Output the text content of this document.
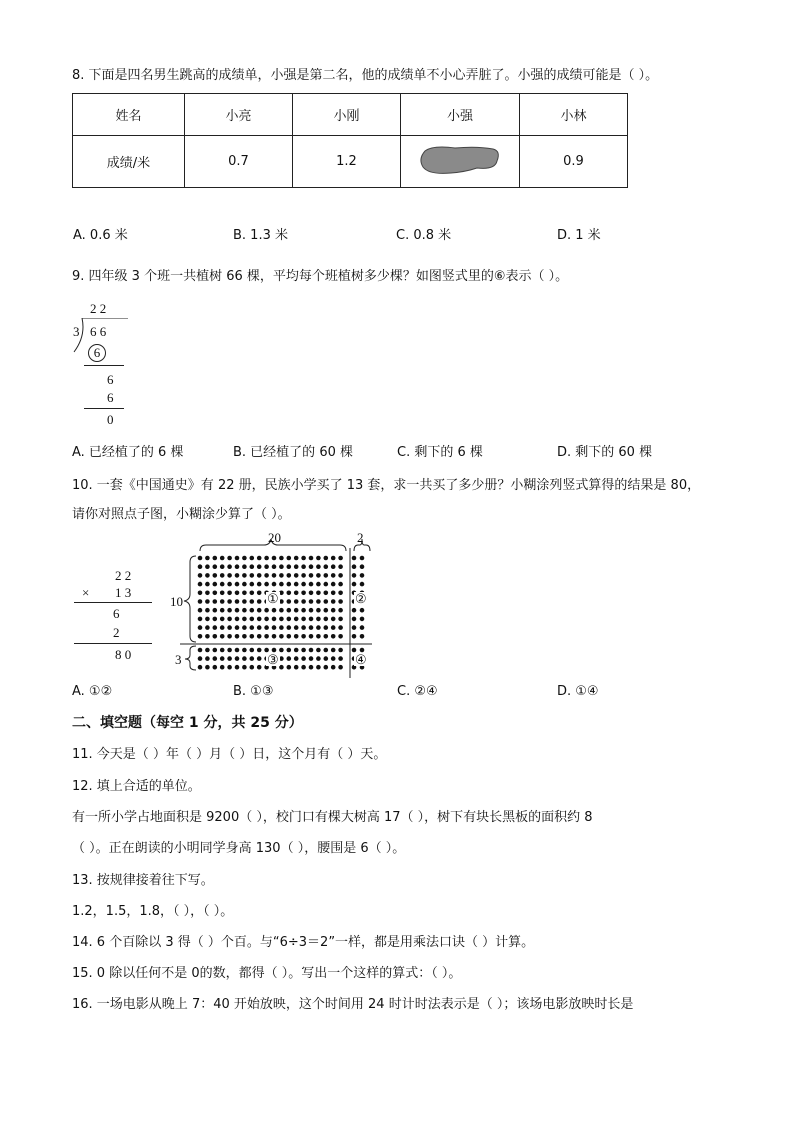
8. 下面是四名男生跳高的成绩单，小强是第二名，他的成绩单不小心弄脏了。小强的成绩可能是（ ）。
姓名	小亮	小刚	小强	小林
成绩/米	0.7	1.2		0.9
A. 0.6 米	B. 1.3 米	C. 0.8 米	D. 1 米
9. 四年级 3 个班一共植树 66 棵，平均每个班植树多少棵？如图竖式里的⑥表示（ ）。
2 2
3 6 6
6
6
6
0
A. 已经植了的 6 棵	B. 已经植了的 60 棵	C. 剩下的 6 棵	D. 剩下的 60 棵
10. 一套《中国通史》有 22 册，民族小学买了 13 套，求一共买了多少册？小糊涂列竖式算得的结果是 80，
请你对照点子图，小糊涂少算了（ ）。
2 2
× 1 3
6
2
8 0
20	2
10
3
①	②
③	④
A. ①②	B. ①③	C. ②④	D. ①④
二、填空题（每空 1 分，共 25 分）
11. 今天是（ ）年（ ）月（ ）日，这个月有（ ）天。
12. 填上合适的单位。
有一所小学占地面积是 9200（ ），校门口有棵大树高 17（ ），树下有块长黑板的面积约 8
（ ）。正在朗读的小明同学身高 130（ ），腰围是 6（ ）。
13. 按规律接着往下写。
1.2，1.5，1.8，（ ），（ ）。
14. 6 个百除以 3 得（ ）个百。与“6÷3＝2”一样，都是用乘法口诀（ ）计算。
15. 0 除以任何不是 0的数，都得（ ）。写出一个这样的算式：（ ）。
16. 一场电影从晚上 7：40 开始放映，这个时间用 24 时计时法表示是（ ）；该场电影放映时长是
